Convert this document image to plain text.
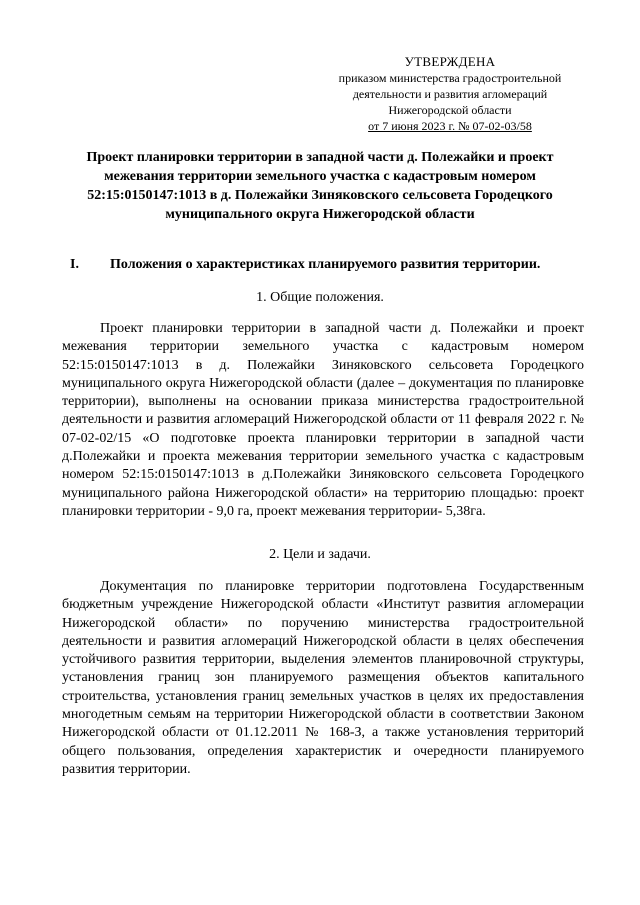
УТВЕРЖДЕНА
приказом министерства градостроительной
деятельности и развития агломераций
Нижегородской области
от 7 июня 2023 г. № 07-02-03/58
Проект планировки территории в западной части д. Полежайки и проект межевания территории земельного участка с кадастровым номером 52:15:0150147:1013 в д. Полежайки Зиняковского сельсовета Городецкого муниципального округа Нижегородской области
I. Положения о характеристиках планируемого развития территории.
1. Общие положения.

Проект планировки территории в западной части д. Полежайки и проект межевания территории земельного участка с кадастровым номером 52:15:0150147:1013 в д. Полежайки Зиняковского сельсовета Городецкого муниципального округа Нижегородской области (далее – документация по планировке территории), выполнены на основании приказа министерства градостроительной деятельности и развития агломераций Нижегородской области от 11 февраля 2022 г. № 07-02-02/15 «О подготовке проекта планировки территории в западной части д.Полежайки и проекта межевания территории земельного участка с кадастровым номером 52:15:0150147:1013 в д.Полежайки Зиняковского сельсовета Городецкого муниципального района Нижегородской области» на территорию площадью: проект планировки территории - 9,0 га, проект межевания территории- 5,38га.

2. Цели и задачи.

Документация по планировке территории подготовлена Государственным бюджетным учреждение Нижегородской области «Институт развития агломерации Нижегородской области» по поручению министерства градостроительной деятельности и развития агломераций Нижегородской области в целях обеспечения устойчивого развития территории, выделения элементов планировочной структуры, установления границ зон планируемого размещения объектов капитального строительства, установления границ земельных участков в целях их предоставления многодетным семьям на территории Нижегородской области в соответствии Законом Нижегородской области от 01.12.2011 № 168-З, а также установления территорий общего пользования, определения характеристик и очередности планируемого развития территории.
